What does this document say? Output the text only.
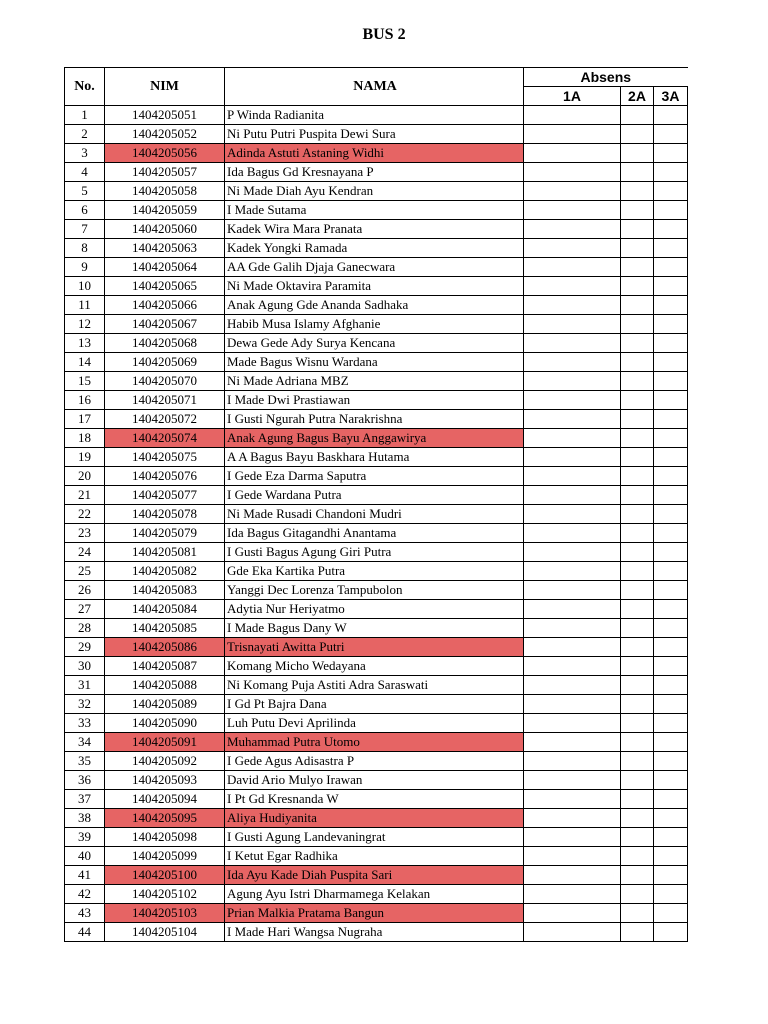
BUS 2
No.	NIM	NAMA	Absens		
			1A	2A	3A
1	1404205051	P Winda Radianita			
2	1404205052	Ni Putu Putri Puspita Dewi Sura			
3	1404205056	Adinda Astuti Astaning Widhi			
4	1404205057	Ida Bagus Gd Kresnayana P			
5	1404205058	Ni Made Diah Ayu Kendran			
6	1404205059	I Made Sutama			
7	1404205060	Kadek Wira Mara Pranata			
8	1404205063	Kadek Yongki Ramada			
9	1404205064	AA Gde Galih Djaja Ganecwara			
10	1404205065	Ni Made Oktavira Paramita			
11	1404205066	Anak Agung Gde Ananda Sadhaka			
12	1404205067	Habib Musa Islamy Afghanie			
13	1404205068	Dewa Gede Ady Surya Kencana			
14	1404205069	Made Bagus Wisnu Wardana			
15	1404205070	Ni Made Adriana MBZ			
16	1404205071	I Made Dwi Prastiawan			
17	1404205072	I Gusti Ngurah Putra Narakrishna			
18	1404205074	Anak Agung Bagus Bayu Anggawirya			
19	1404205075	A A Bagus Bayu Baskhara Hutama			
20	1404205076	I Gede Eza Darma Saputra			
21	1404205077	I Gede Wardana Putra			
22	1404205078	Ni Made Rusadi Chandoni Mudri			
23	1404205079	Ida Bagus Gitagandhi Anantama			
24	1404205081	I Gusti Bagus Agung Giri Putra			
25	1404205082	Gde Eka Kartika Putra			
26	1404205083	Yanggi Dec Lorenza Tampubolon			
27	1404205084	Adytia Nur Heriyatmo			
28	1404205085	I Made Bagus Dany W			
29	1404205086	Trisnayati Awitta Putri			
30	1404205087	Komang Micho Wedayana			
31	1404205088	Ni Komang Puja Astiti Adra Saraswati			
32	1404205089	I Gd Pt Bajra Dana			
33	1404205090	Luh Putu Devi Aprilinda			
34	1404205091	Muhammad Putra Utomo			
35	1404205092	I Gede Agus Adisastra P			
36	1404205093	David Ario Mulyo Irawan			
37	1404205094	I Pt Gd Kresnanda W			
38	1404205095	Aliya Hudiyanita			
39	1404205098	I Gusti Agung Landevaningrat			
40	1404205099	I Ketut Egar Radhika			
41	1404205100	Ida Ayu Kade Diah Puspita Sari			
42	1404205102	Agung Ayu Istri Dharmamega Kelakan			
43	1404205103	Prian Malkia Pratama Bangun			
44	1404205104	I Made Hari Wangsa Nugraha			
